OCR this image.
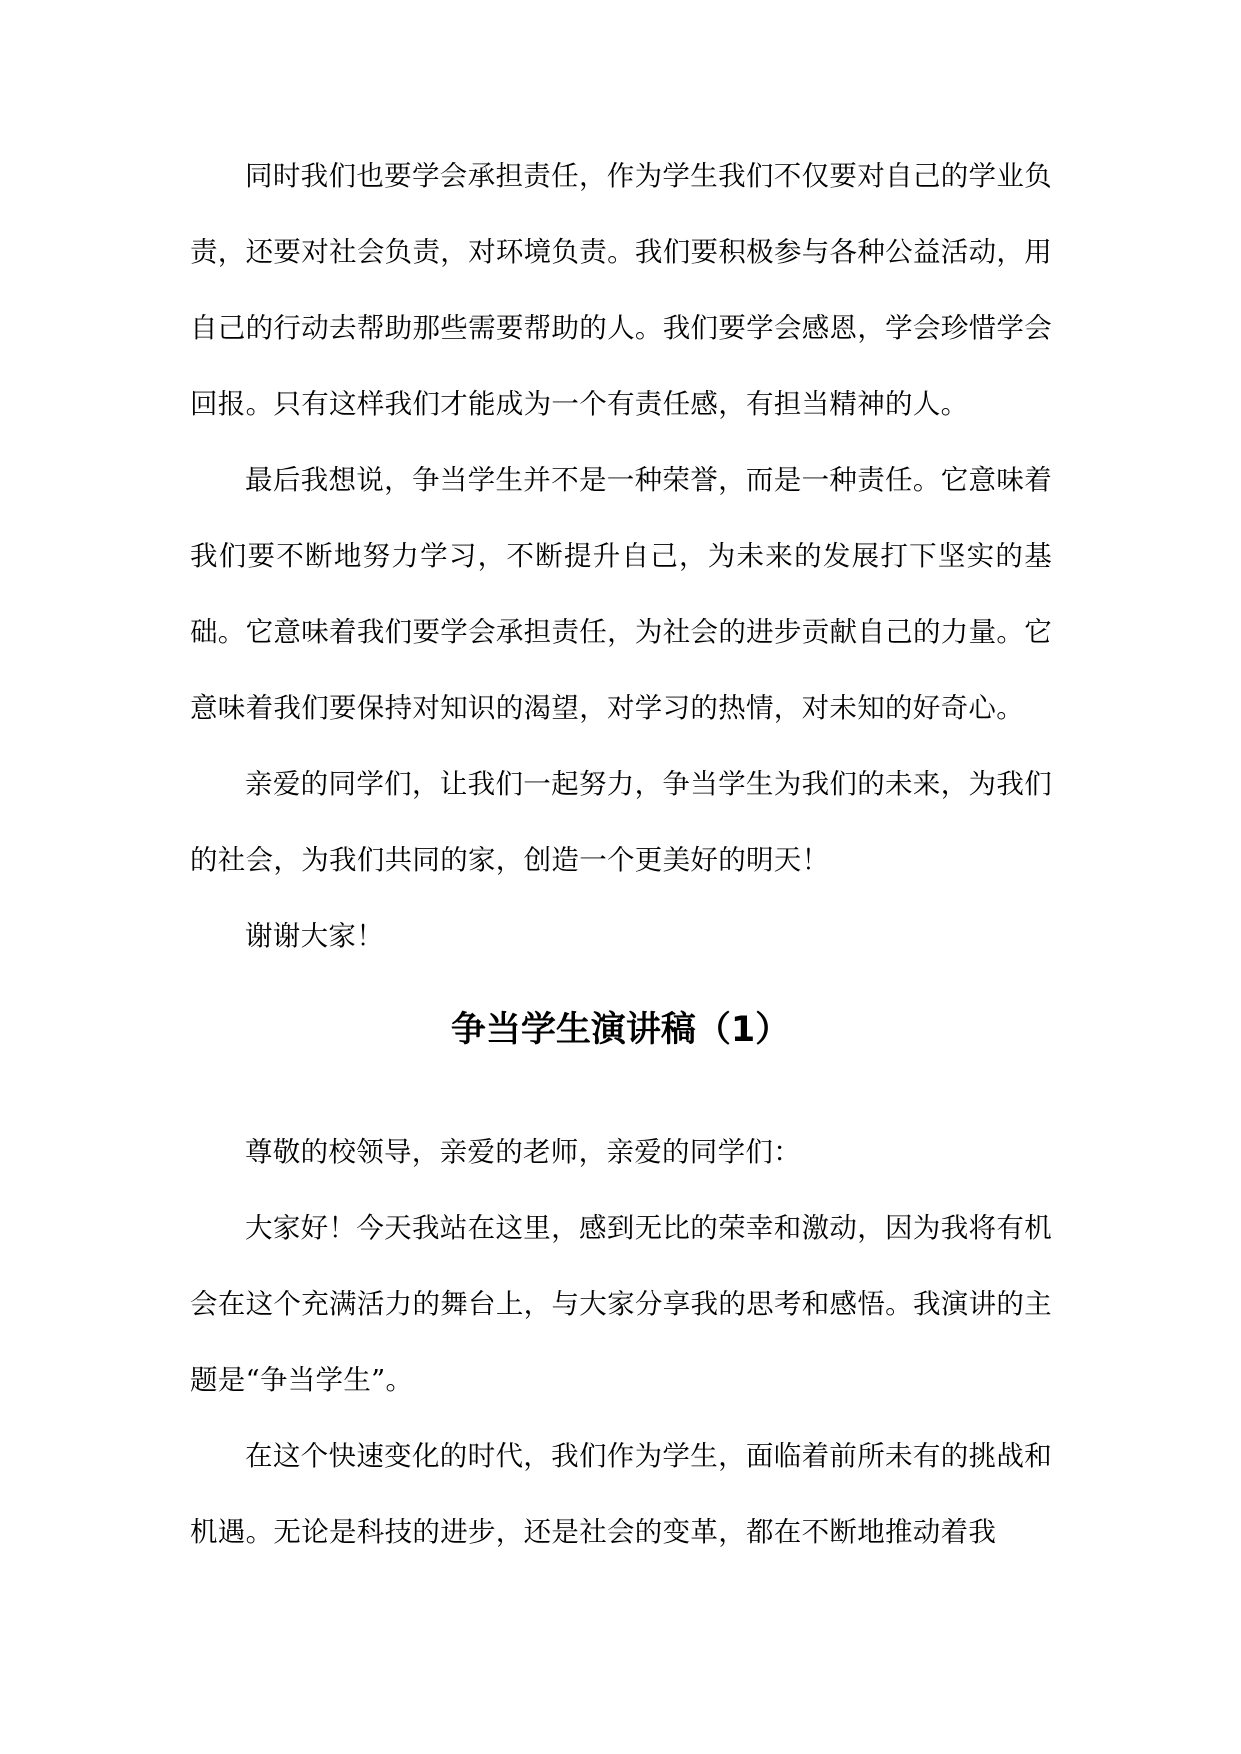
同时我们也要学会承担责任，作为学生我们不仅要对自己的学业负责，还要对社会负责，对环境负责。我们要积极参与各种公益活动，用自己的行动去帮助那些需要帮助的人。我们要学会感恩，学会珍惜学会回报。只有这样我们才能成为一个有责任感，有担当精神的人。

最后我想说，争当学生并不是一种荣誉，而是一种责任。它意味着我们要不断地努力学习，不断提升自己，为未来的发展打下坚实的基础。它意味着我们要学会承担责任，为社会的进步贡献自己的力量。它意味着我们要保持对知识的渴望，对学习的热情，对未知的好奇心。

亲爱的同学们，让我们一起努力，争当学生为我们的未来，为我们的社会，为我们共同的家，创造一个更美好的明天！

谢谢大家！

争当学生演讲稿（1）

尊敬的校领导，亲爱的老师，亲爱的同学们：

大家好！今天我站在这里，感到无比的荣幸和激动，因为我将有机会在这个充满活力的舞台上，与大家分享我的思考和感悟。我演讲的主题是“争当学生”。

在这个快速变化的时代，我们作为学生，面临着前所未有的挑战和机遇。无论是科技的进步，还是社会的变革，都在不断地推动着我
